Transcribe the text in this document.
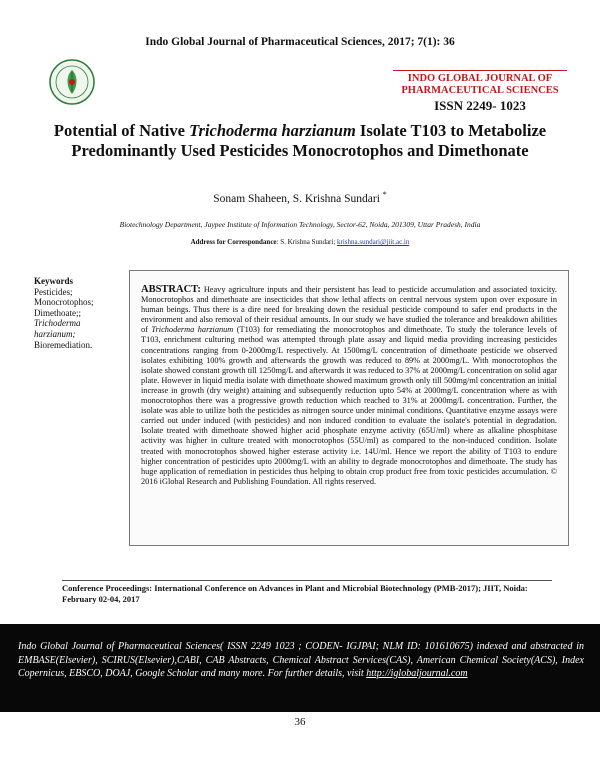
Indo Global Journal of Pharmaceutical Sciences, 2017; 7(1): 36
INDO GLOBAL JOURNAL OF
PHARMACEUTICAL SCIENCES
ISSN 2249- 1023
Potential of Native Trichoderma harzianum Isolate T103 to Metabolize Predominantly Used Pesticides Monocrotophos and Dimethonate
Sonam Shaheen, S. Krishna Sundari *
Biotechnology Department, Jaypee Institute of Information Technology, Sector-62, Noida, 201309, Uttar Pradesh, India
Address for Correspondance: S. Krishna Sundari; krishna.sundari@jiit.ac.in
Keywords
Pesticides;
Monocrotophos;
Dimethoate;;
Trichoderma
harzianum;
Bioremediation.
ABSTRACT: Heavy agriculture inputs and their persistent has lead to pesticide accumulation and associated toxicity. Monocrotophos and dimethoate are insecticides that show lethal affects on central nervous system upon over exposure in human beings. Thus there is a dire need for breaking down the residual pesticide compound to safer end products in the environment and also removal of their residual amounts. In our study we have studied the tolerance and breakdown abilities of Trichoderma harzianum (T103) for remediating the monocrotophos and dimethoate. To study the tolerance levels of T103, enrichment culturing method was attempted through plate assay and liquid media providing increasing pesticides concentrations ranging from 0-2000mg/L respectively. At 1500mg/L concentration of dimethoate pesticide we observed isolates exhibiting 100% growth and afterwards the growth was reduced to 89% at 2000mg/L. With monocrotophos the isolate showed constant growth till 1250mg/L and afterwards it was reduced to 37% at 2000mg/L concentration on solid agar plate. However in liquid media isolate with dimethoate showed maximum growth only till 500mg/ml concentration an initial increase in growth (dry weight) attaining and subsequently reduction upto 54% at 2000mg/L concentration where as with monocrotophos there was a progressive growth reduction which reached to 31% at 2000mg/L concentration. Further, the isolate was able to utilize both the pesticides as nitrogen source under minimal conditions. Quantitative enzyme assays were carried out under induced (with pesticides) and non induced condition to evaluate the isolate's potential in degradation. Isolate treated with dimethoate showed higher acid phosphate enzyme activity (65U/ml) where as alkaline phosphitase activity was higher in culture treated with monocrotophos (55U/ml) as compared to the non-induced condition. Isolate treated with monocrotophos showed higher esterase activity i.e. 14U/ml. Hence we report the ability of T103 to endure higher concentration of pesticides upto 2000mg/L with an ability to degrade monocrotophos and dimethoate. The study has huge application of remediation in pesticides thus helping to obtain crop product free from toxic pesticides accumulation. © 2016 iGlobal Research and Publishing Foundation. All rights reserved.
Conference Proceedings: International Conference on Advances in Plant and Microbial Biotechnology (PMB-2017); JIIT, Noida: February 02-04, 2017
Indo Global Journal of Pharmaceutical Sciences( ISSN 2249 1023 ; CODEN- IGJPAI; NLM ID: 101610675) indexed and abstracted in EMBASE(Elsevier), SCIRUS(Elsevier),CABI, CAB Abstracts, Chemical Abstract Services(CAS), American Chemical Society(ACS), Index Copernicus, EBSCO, DOAJ, Google Scholar and many more. For further details, visit http://iglobaljournal.com
36
